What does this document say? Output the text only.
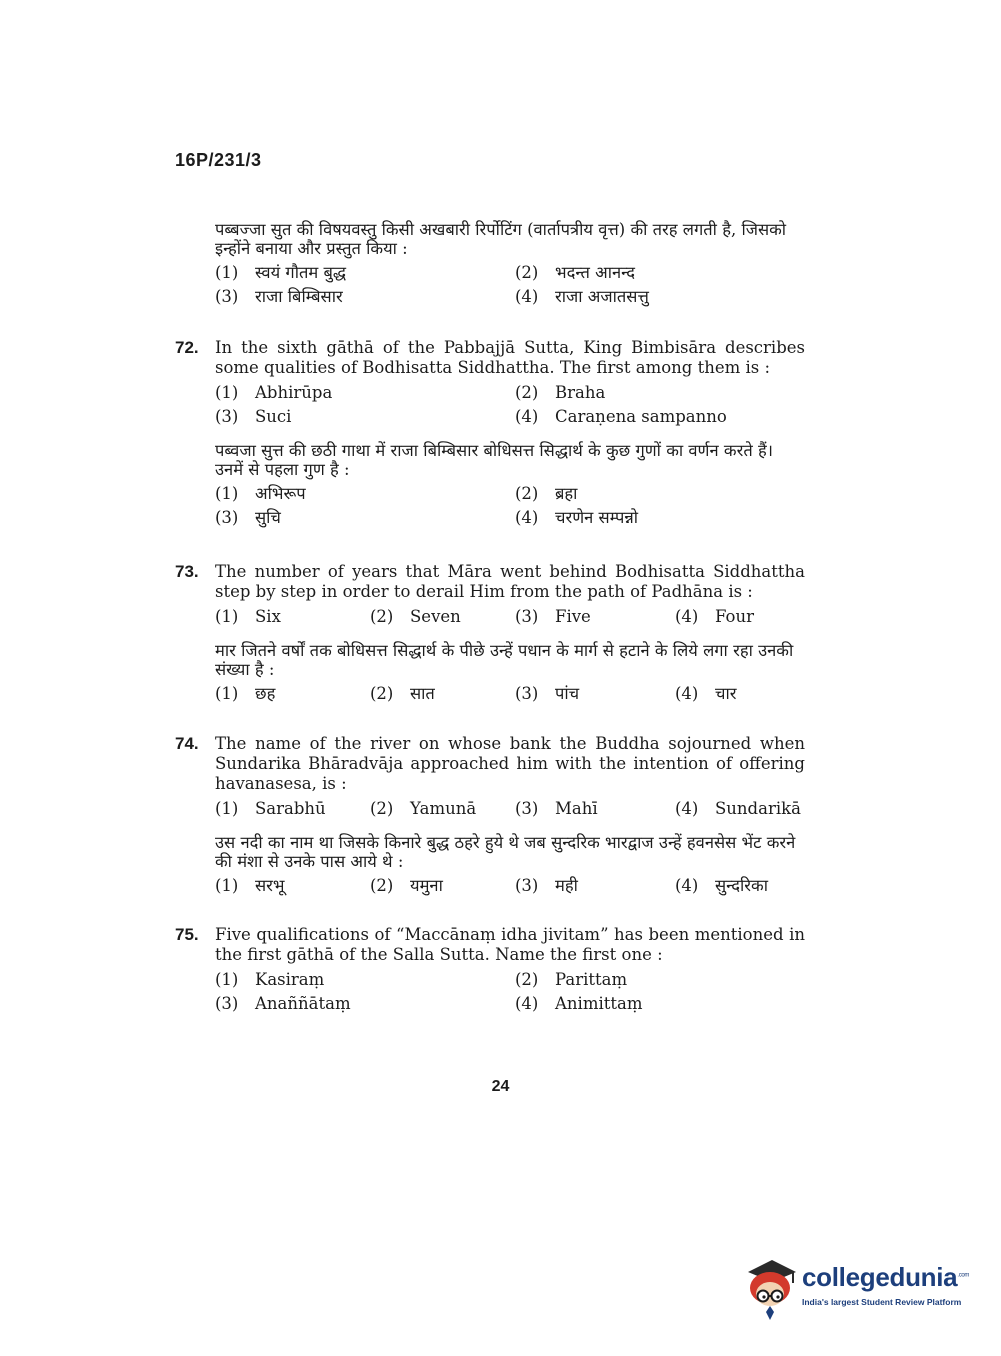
16P/231/3
पब्बज्जा सुत की विषयवस्तु किसी अखबारी रिर्पोटिंग (वार्तापत्रीय वृत्त) की तरह लगती है, जिसको इन्होंने बनाया और प्रस्तुत किया :
(1) स्वयं गौतम बुद्ध	(2) भदन्त आनन्द
(3) राजा बिम्बिसार	(4) राजा अजातसत्तु
72. In the sixth gāthā of the Pabbajjā Sutta, King Bimbisāra describes some qualities of Bodhisatta Siddhattha. The first among them is :
(1) Abhirūpa	(2) Braha
(3) Suci	(4) Caraṇena sampanno
पब्वजा सुत्त की छठी गाथा में राजा बिम्बिसार बोधिसत्त सिद्धार्थ के कुछ गुणों का वर्णन करते हैं। उनमें से पहला गुण है :
(1) अभिरूप	(2) ब्रहा
(3) सुचि	(4) चरणेन सम्पन्नो
73. The number of years that Māra went behind Bodhisatta Siddhattha step by step in order to derail Him from the path of Padhāna is :
(1) Six	(2) Seven	(3) Five	(4) Four
मार जितने वर्षों तक बोधिसत्त सिद्धार्थ के पीछे उन्हें पधान के मार्ग से हटाने के लिये लगा रहा उनकी संख्या है :
(1) छह	(2) सात	(3) पांच	(4) चार
74. The name of the river on whose bank the Buddha sojourned when Sundarika Bhāradvāja approached him with the intention of offering havanasesa, is :
(1) Sarabhū	(2) Yamunā	(3) Mahī	(4) Sundarikā
उस नदी का नाम था जिसके किनारे बुद्ध ठहरे हुये थे जब सुन्दरिक भारद्वाज उन्हें हवनसेस भेंट करने की मंशा से उनके पास आये थे :
(1) सरभू	(2) यमुना	(3) मही	(4) सुन्दरिका
75. Five qualifications of “Maccānaṃ idha jivitam” has been mentioned in the first gāthā of the Salla Sutta. Name the first one :
(1) Kasiraṃ	(2) Parittaṃ
(3) Anaññātaṃ	(4) Animittaṃ
24
collegedunia$^{.com}$
India's largest Student Review Platform
